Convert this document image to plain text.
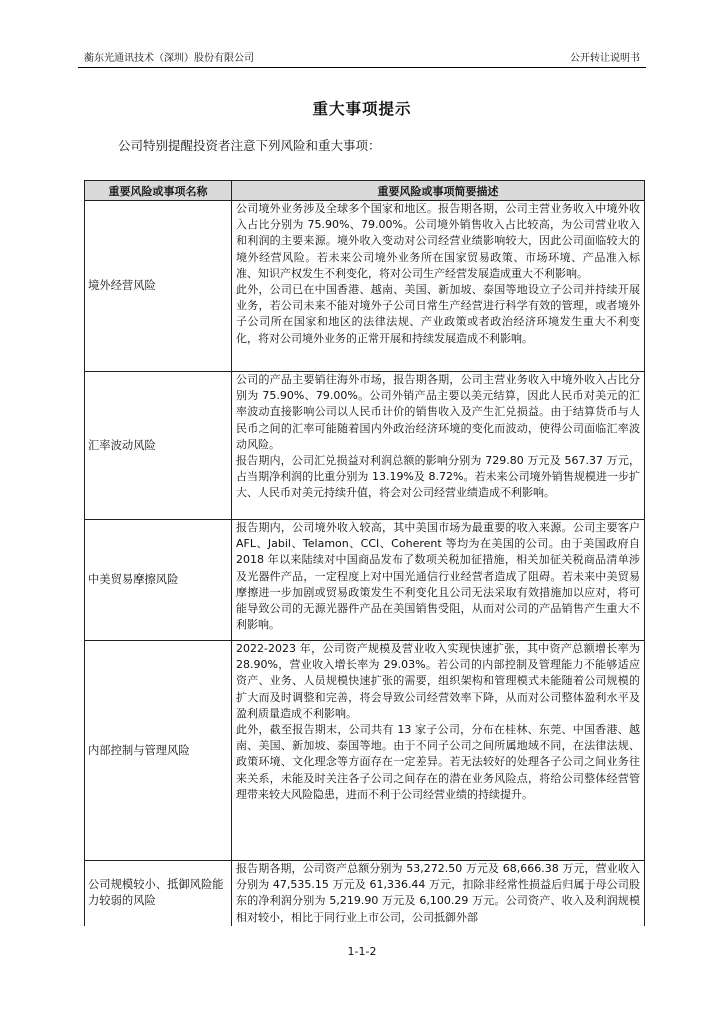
蘅东光通讯技术（深圳）股份有限公司	公开转让说明书
重大事项提示
公司特别提醒投资者注意下列风险和重大事项：
重要风险或事项名称	重要风险或事项简要描述
境外经营风险	公司境外业务涉及全球多个国家和地区。报告期各期，公司主营业务收入中境外收入占比分别为 75.90%、79.00%。公司境外销售收入占比较高，为公司营业收入和利润的主要来源。境外收入变动对公司经营业绩影响较大，因此公司面临较大的境外经营风险。若未来公司境外业务所在国家贸易政策、市场环境、产品准入标准、知识产权发生不利变化，将对公司生产经营发展造成重大不利影响。

此外，公司已在中国香港、越南、美国、新加坡、泰国等地设立子公司并持续开展业务，若公司未来不能对境外子公司日常生产经营进行科学有效的管理，或者境外子公司所在国家和地区的法律法规、产业政策或者政治经济环境发生重大不利变化，将对公司境外业务的正常开展和持续发展造成不利影响。

汇率波动风险	公司的产品主要销往海外市场，报告期各期，公司主营业务收入中境外收入占比分别为 75.90%、79.00%。公司外销产品主要以美元结算，因此人民币对美元的汇率波动直接影响公司以人民币计价的销售收入及产生汇兑损益。由于结算货币与人民币之间的汇率可能随着国内外政治经济环境的变化而波动，使得公司面临汇率波动风险。

报告期内，公司汇兑损益对利润总额的影响分别为 729.80 万元及 567.37 万元，占当期净利润的比重分别为 13.19%及 8.72%。若未来公司境外销售规模进一步扩大、人民币对美元持续升值，将会对公司经营业绩造成不利影响。

中美贸易摩擦风险	报告期内，公司境外收入较高，其中美国市场为最重要的收入来源。公司主要客户 AFL、Jabil、Telamon、CCI、Coherent 等均为在美国的公司。由于美国政府自 2018 年以来陆续对中国商品发布了数项关税加征措施，相关加征关税商品清单涉及光器件产品，一定程度上对中国光通信行业经营者造成了阻碍。若未来中美贸易摩擦进一步加剧或贸易政策发生不利变化且公司无法采取有效措施加以应对，将可能导致公司的无源光器件产品在美国销售受阻，从而对公司的产品销售产生重大不利影响。

内部控制与管理风险	2022-2023 年，公司资产规模及营业收入实现快速扩张，其中资产总额增长率为 28.90%，营业收入增长率为 29.03%。若公司的内部控制及管理能力不能够适应资产、业务、人员规模快速扩张的需要，组织架构和管理模式未能随着公司规模的扩大而及时调整和完善，将会导致公司经营效率下降，从而对公司整体盈利水平及盈利质量造成不利影响。

此外，截至报告期末，公司共有 13 家子公司，分布在桂林、东莞、中国香港、越南、美国、新加坡、泰国等地。由于不同子公司之间所属地域不同，在法律法规、政策环境、文化理念等方面存在一定差异。若无法较好的处理各子公司之间业务往来关系，未能及时关注各子公司之间存在的潜在业务风险点，将给公司整体经营管理带来较大风险隐患，进而不利于公司经营业绩的持续提升。

公司规模较小、抵御风险能力较弱的风险	报告期各期，公司资产总额分别为 53,272.50 万元及 68,666.38 万元，营业收入分别为 47,535.15 万元及 61,336.44 万元，扣除非经常性损益后归属于母公司股东的净利润分别为 5,219.90 万元及 6,100.29 万元。公司资产、收入及利润规模相对较小，相比于同行业上市公司，公司抵御外部

1-1-2
